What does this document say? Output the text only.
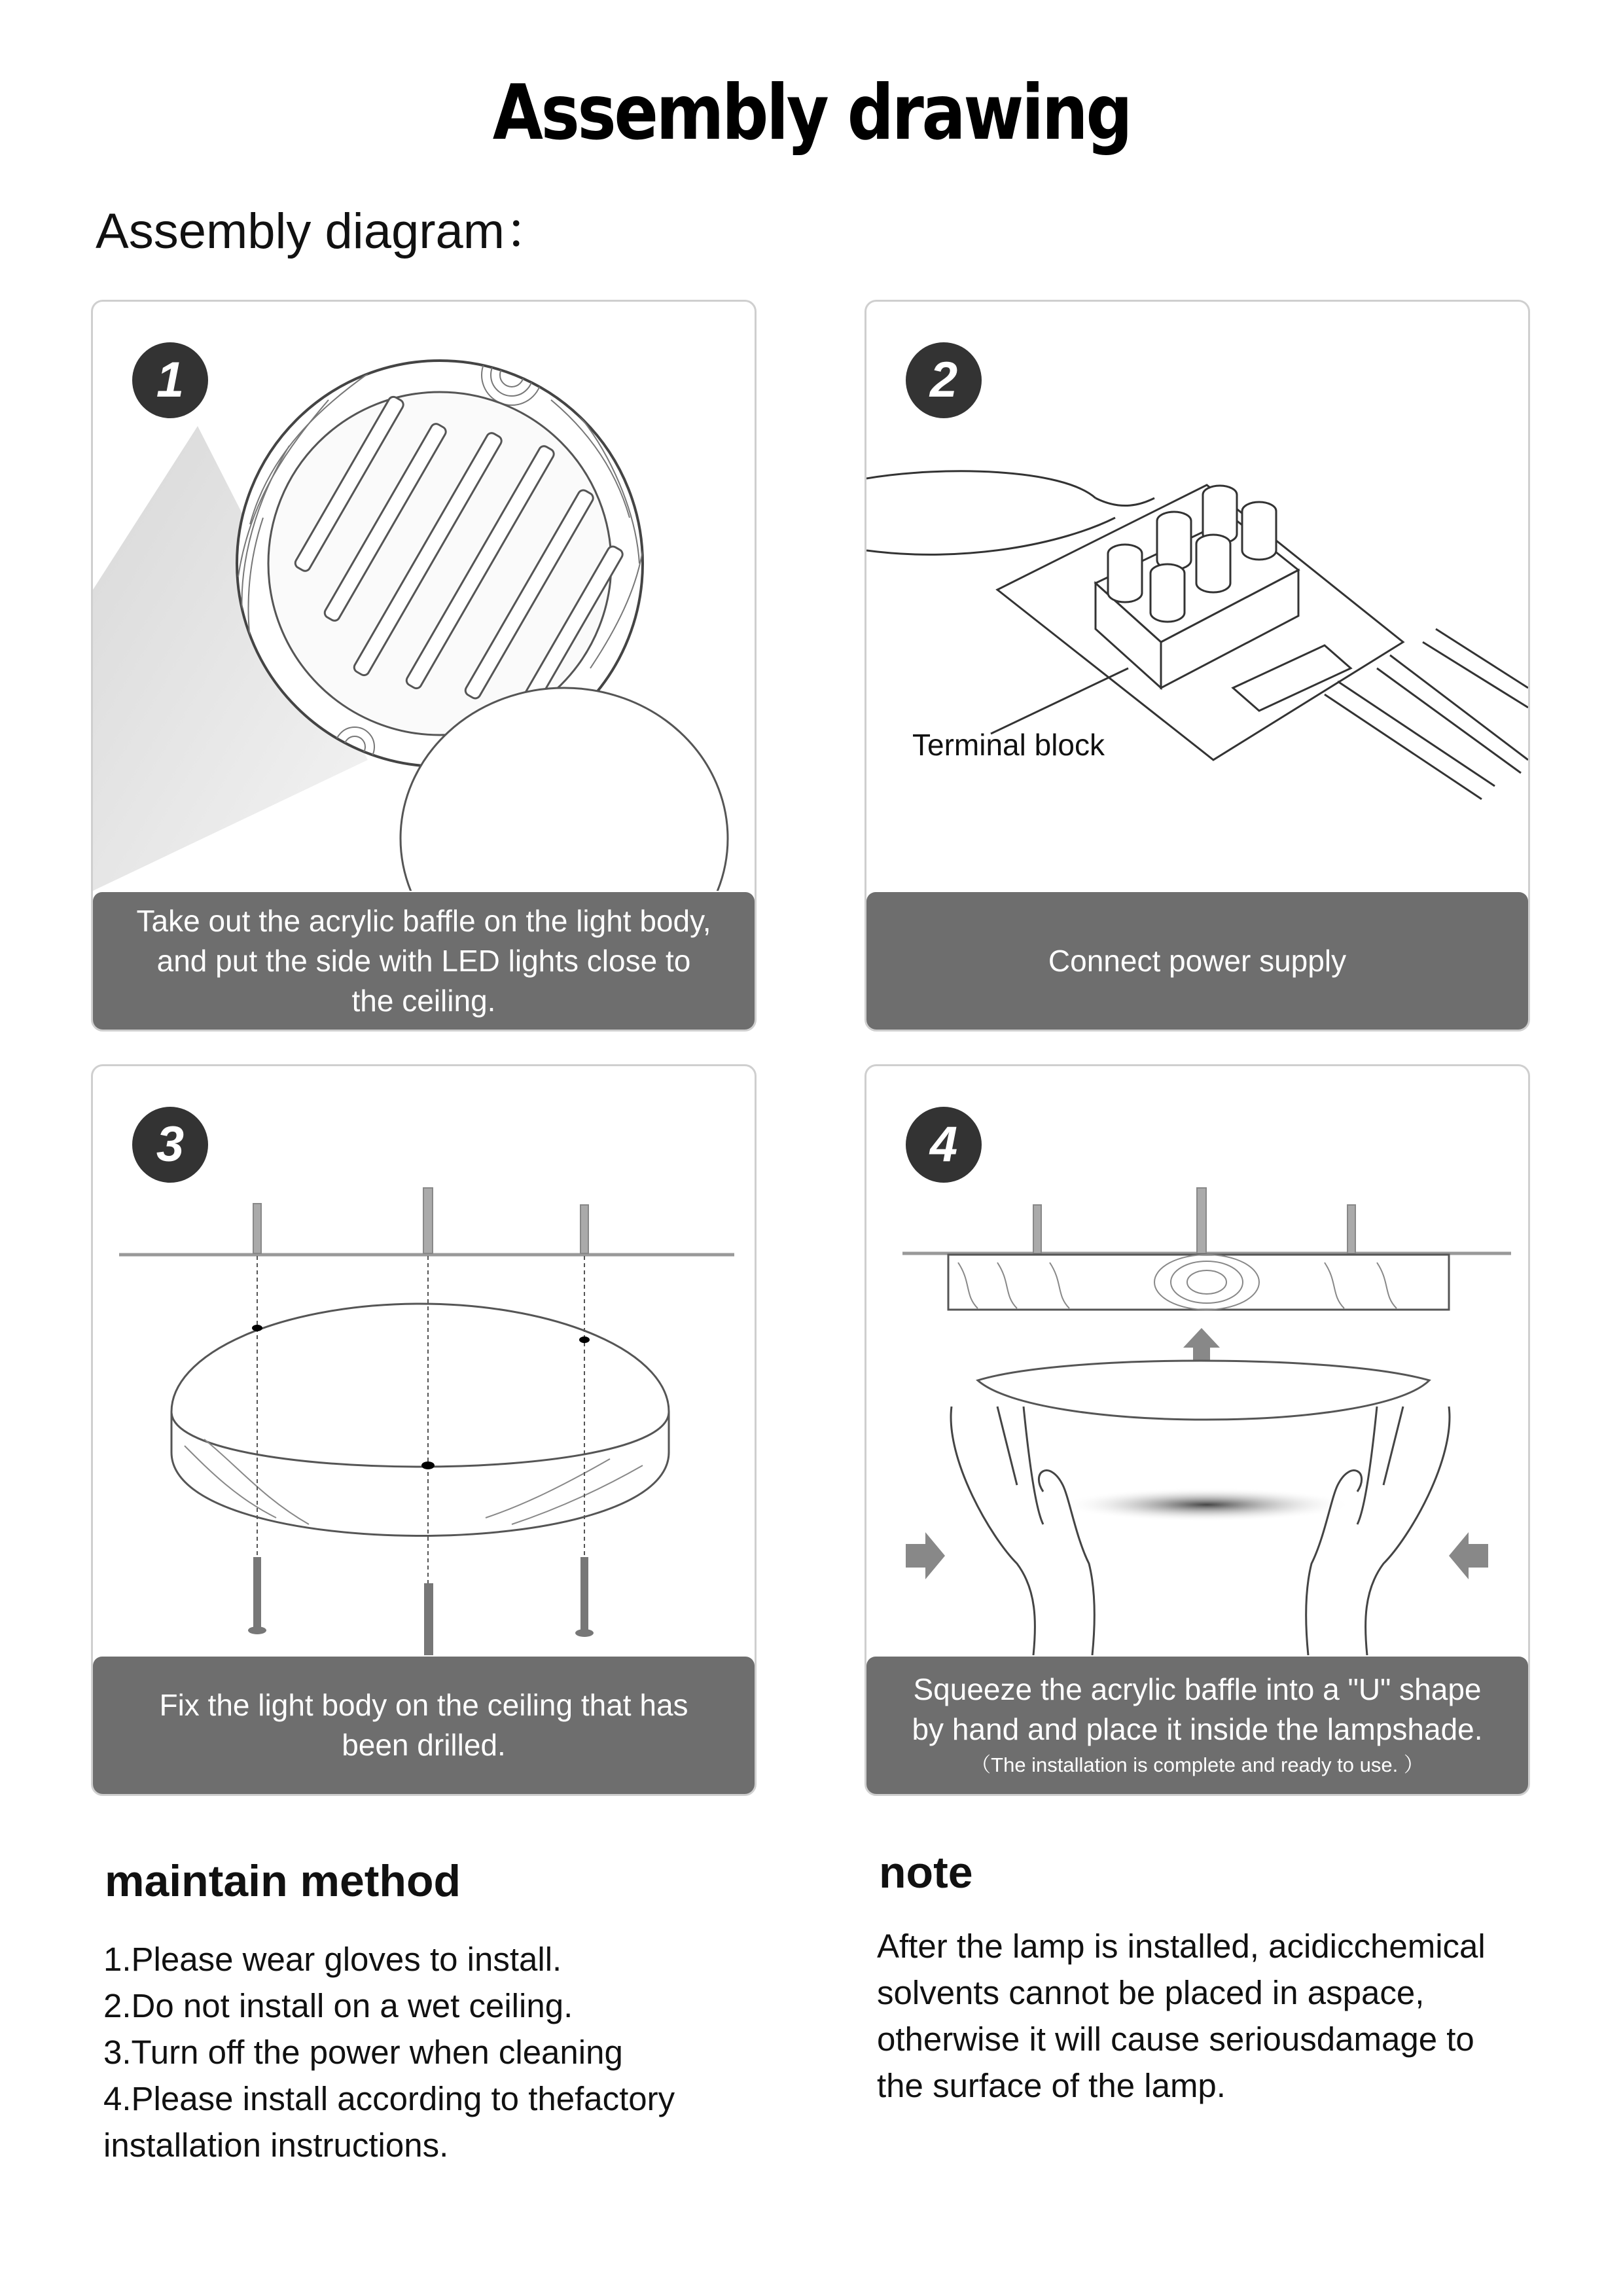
Assembly drawing
Assembly diagram：
1
Take out the acrylic baffle on the light body,
and put the side with LED lights close to
the ceiling.
2
Terminal block
Connect power supply
3
Fix the light body on the ceiling that has
been drilled.
4
Squeeze the acrylic baffle into a "U" shape
by hand and place it inside the lampshade.
（The installation is complete and ready to use. ）
maintain method
1.Please wear gloves to install.
2.Do not install on a wet ceiling.
3.Turn off the power when cleaning
4.Please install according to thefactory
installation instructions.
note
After the lamp is installed, acidicchemical
solvents cannot be placed in aspace,
otherwise it will cause seriousdamage to
the surface of the lamp.
